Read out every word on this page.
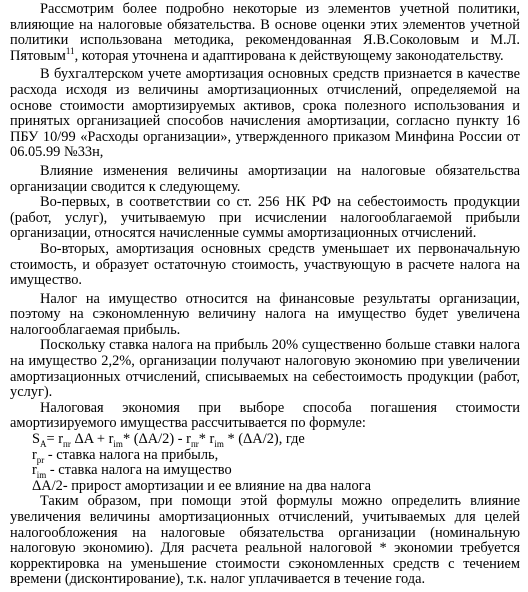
Рассмотрим более подробно некоторые из элементов учетной политики, влияющие на налоговые обязательства. В основе оценки этих элементов учетной политики использована методика, рекомендованная Я.В.Соколовым и М.Л. Пятовым$^{11}$, которая уточнена и адаптирована к действующему законодательству.

В бухгалтерском учете амортизация основных средств признается в качестве расхода исходя из величины амортизационных отчислений, определяемой на основе стоимости амортизируемых активов, срока полезного использования и принятых организацией способов начисления амортизации, согласно пункту 16 ПБУ 10/99 «Расходы организации», утвержденного приказом Минфина России от 06.05.99 №33н,

Влияние изменения величины амортизации на налоговые обязательства организации сводится к следующему.

Во-первых, в соответствии со ст. 256 НК РФ на себестоимость продукции (работ, услуг), учитываемую при исчислении налогооблагаемой прибыли организации, относятся начисленные суммы амортизационных отчислений.

Во-вторых, амортизация основных средств уменьшает их первоначальную стоимость, и образует остаточную стоимость, участвующую в расчете налога на имущество.

Налог на имущество относится на финансовые результаты организации, поэтому на сэкономленную величину налога на имущество будет увеличена налогооблагаемая прибыль.

Поскольку ставка налога на прибыль 20% существенно больше ставки налога на имущество 2,2%, организации получают налоговую экономию при увеличении амортизационных отчислений, списываемых на себестоимость продукции (работ, услуг).

Налоговая экономия при выборе способа погашения стоимости амортизируемого имущества рассчитывается по формуле:

$S_A= r_{пr}$ $\Delta A + r_{im}*$ $(\Delta A/2) - r_{пr}*$ $r_{im} * (\Delta A/2)$, где

$r_{pr}$ - ставка налога на прибыль,

$r_{im}$ - ставка налога на имущество

ΔA/2- прирост амортизации и ее влияние на два налога

Таким образом, при помощи этой формулы можно определить влияние увеличения величины амортизационных отчислений, учитываемых для целей налогообложения на налоговые обязательства организации (номинальную налоговую экономию). Для расчета реальной налоговой * экономии требуется корректировка на уменьшение стоимости сэкономленных средств с течением времени (дисконтирование), т.к. налог уплачивается в течение года.
